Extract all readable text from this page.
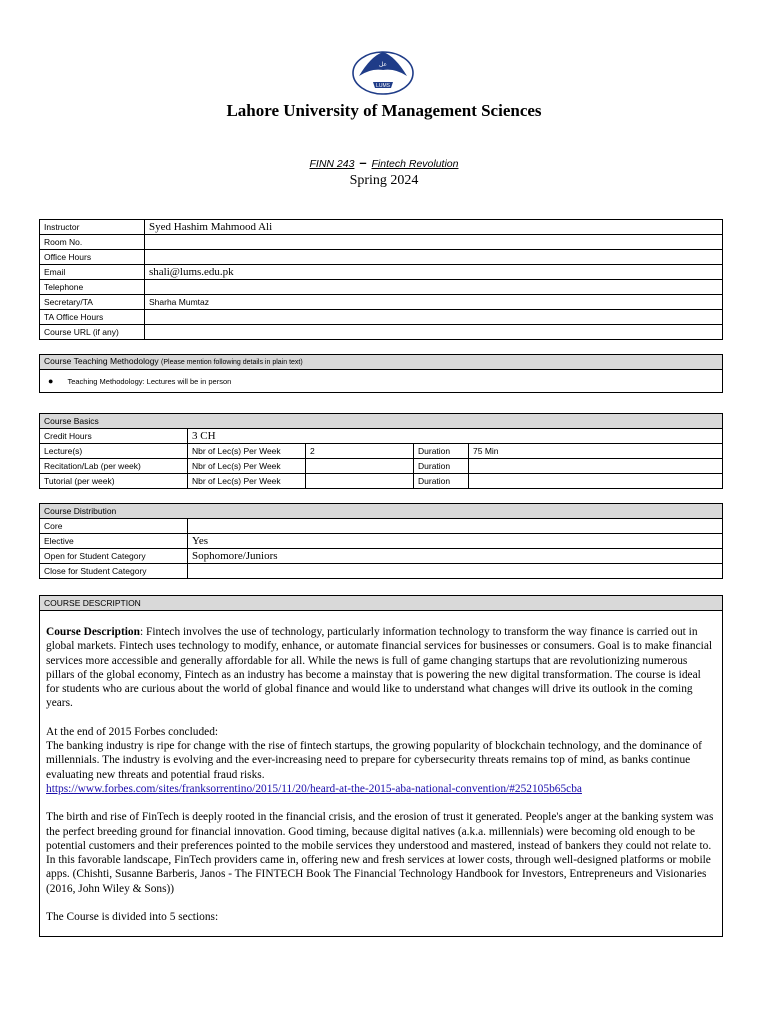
عل
LUMS
Lahore University of Management Sciences
FINN 243 – Fintech Revolution
Spring 2024
Instructor	Syed Hashim Mahmood Ali
Room No.	
Office Hours	
Email	shali@lums.edu.pk
Telephone	
Secretary/TA	Sharha Mumtaz
TA Office Hours	
Course URL (if any)	
Course Teaching Methodology (Please mention following details in plain text)
● Teaching Methodology: Lectures will be in person
Course Basics				
Credit Hours	3 CH			
Lecture(s)	Nbr of Lec(s) Per Week	2	Duration	75 Min
Recitation/Lab (per week)	Nbr of Lec(s) Per Week		Duration	
Tutorial (per week)	Nbr of Lec(s) Per Week		Duration	
Course Distribution	
Core	
Elective	Yes
Open for Student Category	Sophomore/Juniors
Close for Student Category	
COURSE DESCRIPTION

Course Description: Fintech involves the use of technology, particularly information technology to transform the way finance is carried out in global markets. Fintech uses technology to modify, enhance, or automate financial services for businesses or consumers. Goal is to make financial services more accessible and generally affordable for all. While the news is full of game changing startups that are revolutionizing numerous pillars of the global economy, Fintech as an industry has become a mainstay that is powering the new digital transformation. The course is ideal for students who are curious about the world of global finance and would like to understand what changes will drive its outlook in the coming years.

At the end of 2015 Forbes concluded:
The banking industry is ripe for change with the rise of fintech startups, the growing popularity of blockchain technology, and the dominance of millennials. The industry is evolving and the ever-increasing need to prepare for cybersecurity threats remains top of mind, as banks continue evaluating new threats and potential fraud risks.
https://www.forbes.com/sites/franksorrentino/2015/11/20/heard-at-the-2015-aba-national-convention/#252105b65cba

The birth and rise of FinTech is deeply rooted in the financial crisis, and the erosion of trust it generated. People's anger at the banking system was the perfect breeding ground for financial innovation. Good timing, because digital natives (a.k.a. millennials) were becoming old enough to be potential customers and their preferences pointed to the mobile services they understood and mastered, instead of bankers they could not relate to. In this favorable landscape, FinTech providers came in, offering new and fresh services at lower costs, through well-designed platforms or mobile apps. (Chishti, Susanne Barberis, Janos - The FINTECH Book The Financial Technology Handbook for Investors, Entrepreneurs and Visionaries (2016, John Wiley & Sons))

The Course is divided into 5 sections:
